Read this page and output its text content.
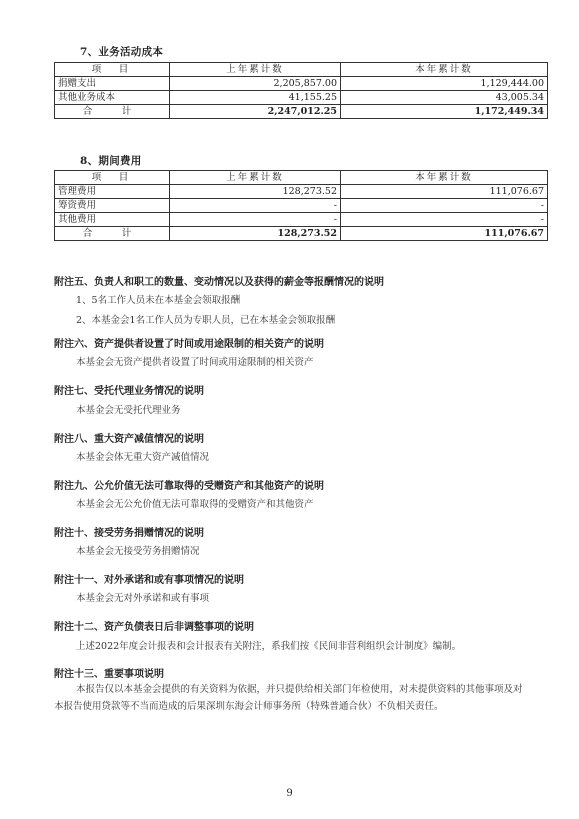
7、业务活动成本
项　目	上年累计数	本年累计数
捐赠支出	2,205,857.00	1,129,444.00
其他业务成本	41,155.25	43,005.34
合　计	2,247,012.25	1,172,449.34
8、期间费用
项　目	上年累计数	本年累计数
管理费用	128,273.52	111,076.67
筹资费用	-	-
其他费用	-	-
合　计	128,273.52	111,076.67
附注五、负责人和职工的数量、变动情况以及获得的薪金等报酬情况的说明
1、5名工作人员未在本基金会领取报酬
2、本基金会1名工作人员为专职人员，已在本基金会领取报酬
附注六、资产提供者设置了时间或用途限制的相关资产的说明
本基金会无资产提供者设置了时间或用途限制的相关资产
附注七、受托代理业务情况的说明
本基金会无受托代理业务
附注八、重大资产减值情况的说明
本基金会体无重大资产减值情况
附注九、公允价值无法可靠取得的受赠资产和其他资产的说明
本基金会无公允价值无法可靠取得的受赠资产和其他资产
附注十、接受劳务捐赠情况的说明
本基金会无接受劳务捐赠情况
附注十一、对外承诺和或有事项情况的说明
本基金会无对外承诺和或有事项
附注十二、资产负债表日后非调整事项的说明
上述2022年度会计报表和会计报表有关附注，系我们按《民间非营利组织会计制度》编制。
附注十三、重要事项说明
本报告仅以本基金会提供的有关资料为依据，并只提供给相关部门年检使用，对未提供资料的其他事项及对本报告使用贷款等不当而造成的后果深圳东海会计师事务所（特殊普通合伙）不负相关责任。
9
